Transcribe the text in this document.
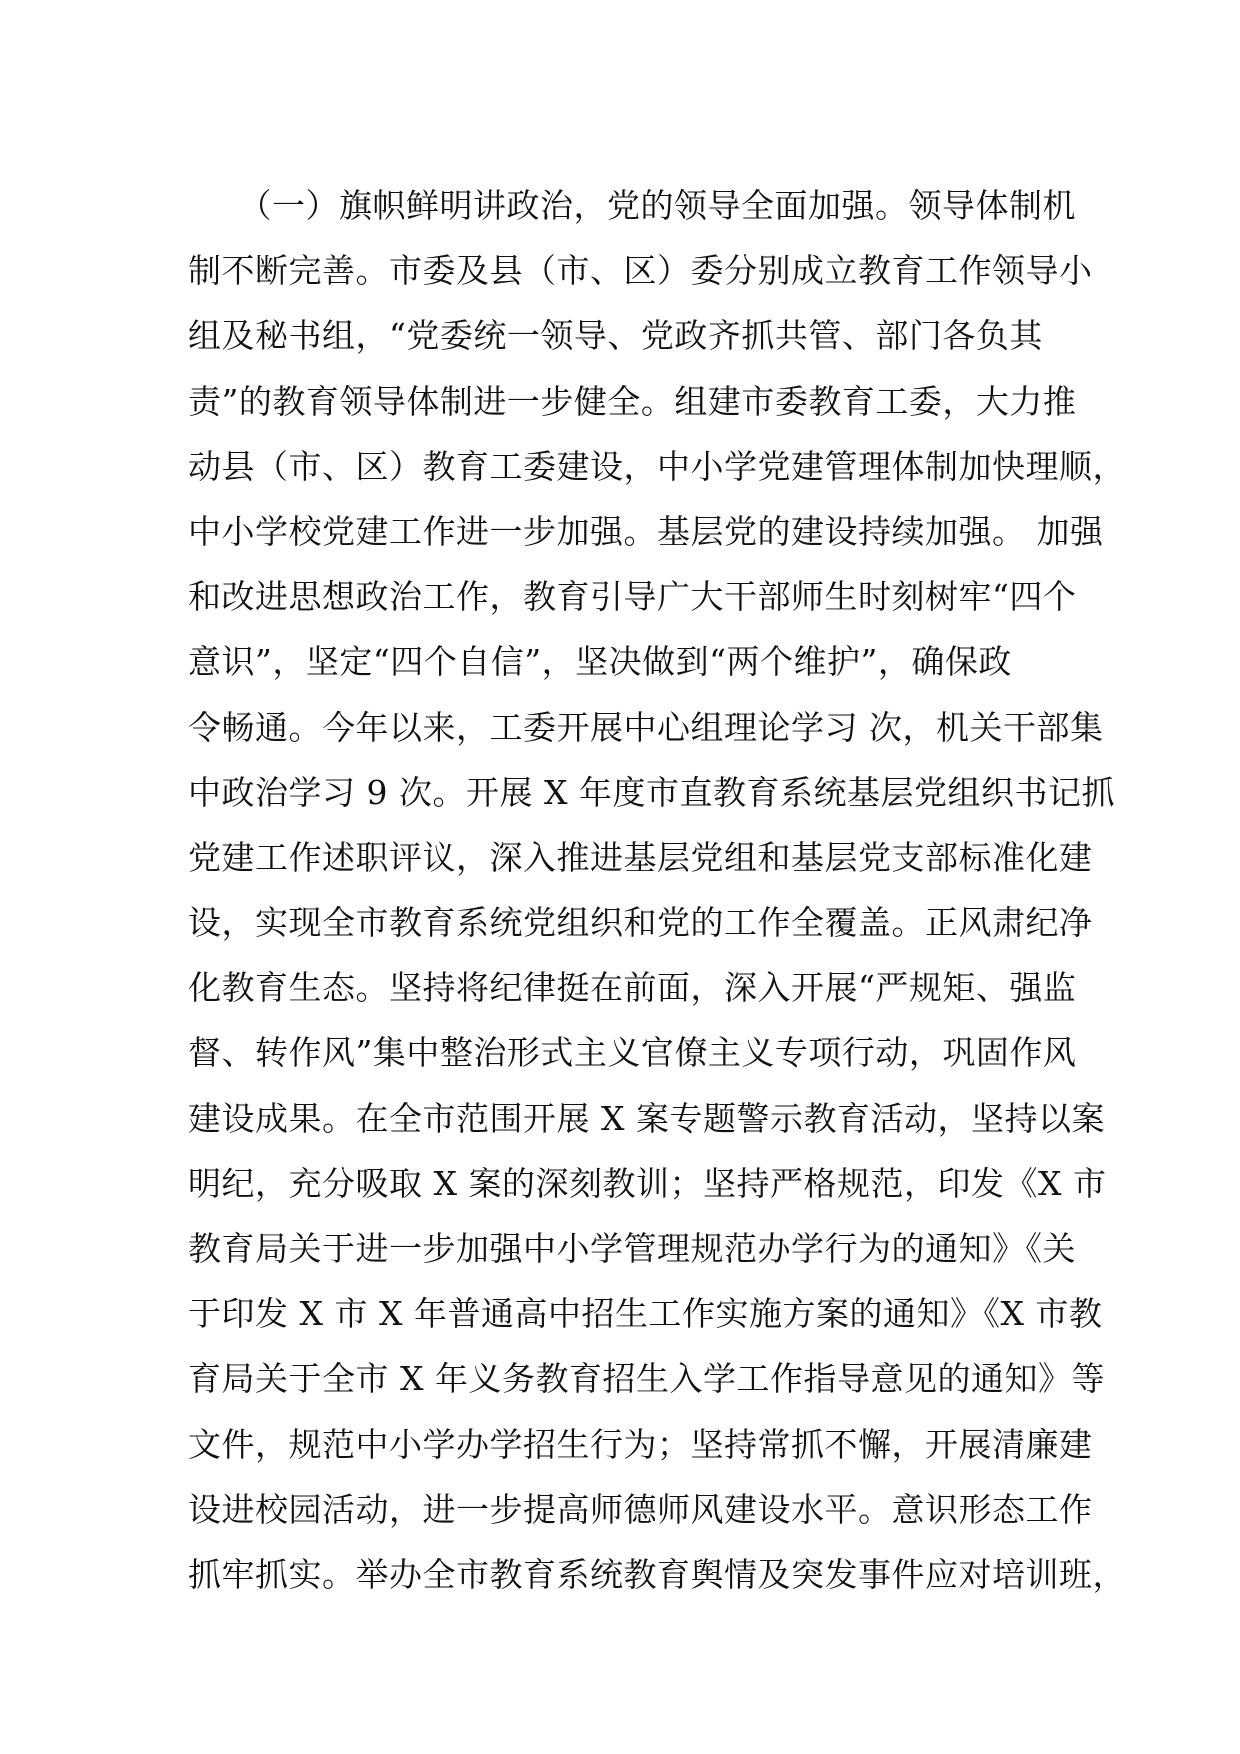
　　（一）旗帜鲜明讲政治，党的领导全面加强。领导体制机
制不断完善。市委及县（市、区）委分别成立教育工作领导小
组及秘书组，“党委统一领导、党政齐抓共管、部门各负其
责”的教育领导体制进一步健全。组建市委教育工委，大力推
动县（市、区）教育工委建设，中小学党建管理体制加快理顺，
中小学校党建工作进一步加强。基层党的建设持续加强。 加强
和改进思想政治工作，教育引导广大干部师生时刻树牢“四个
意识”，坚定“四个自信”，坚决做到“两个维护”，确保政
令畅通。今年以来，工委开展中心组理论学习 次，机关干部集
中政治学习 9 次。开展 X 年度市直教育系统基层党组织书记抓
党建工作述职评议，深入推进基层党组和基层党支部标准化建
设，实现全市教育系统党组织和党的工作全覆盖。正风肃纪净
化教育生态。坚持将纪律挺在前面，深入开展“严规矩、强监
督、转作风”集中整治形式主义官僚主义专项行动，巩固作风
建设成果。在全市范围开展 X 案专题警示教育活动，坚持以案
明纪，充分吸取 X 案的深刻教训；坚持严格规范，印发《X 市
教育局关于进一步加强中小学管理规范办学行为的通知》《关
于印发 X 市 X 年普通高中招生工作实施方案的通知》《X 市教
育局关于全市 X 年义务教育招生入学工作指导意见的通知》等
文件，规范中小学办学招生行为；坚持常抓不懈，开展清廉建
设进校园活动，进一步提高师德师风建设水平。意识形态工作
抓牢抓实。举办全市教育系统教育舆情及突发事件应对培训班，
